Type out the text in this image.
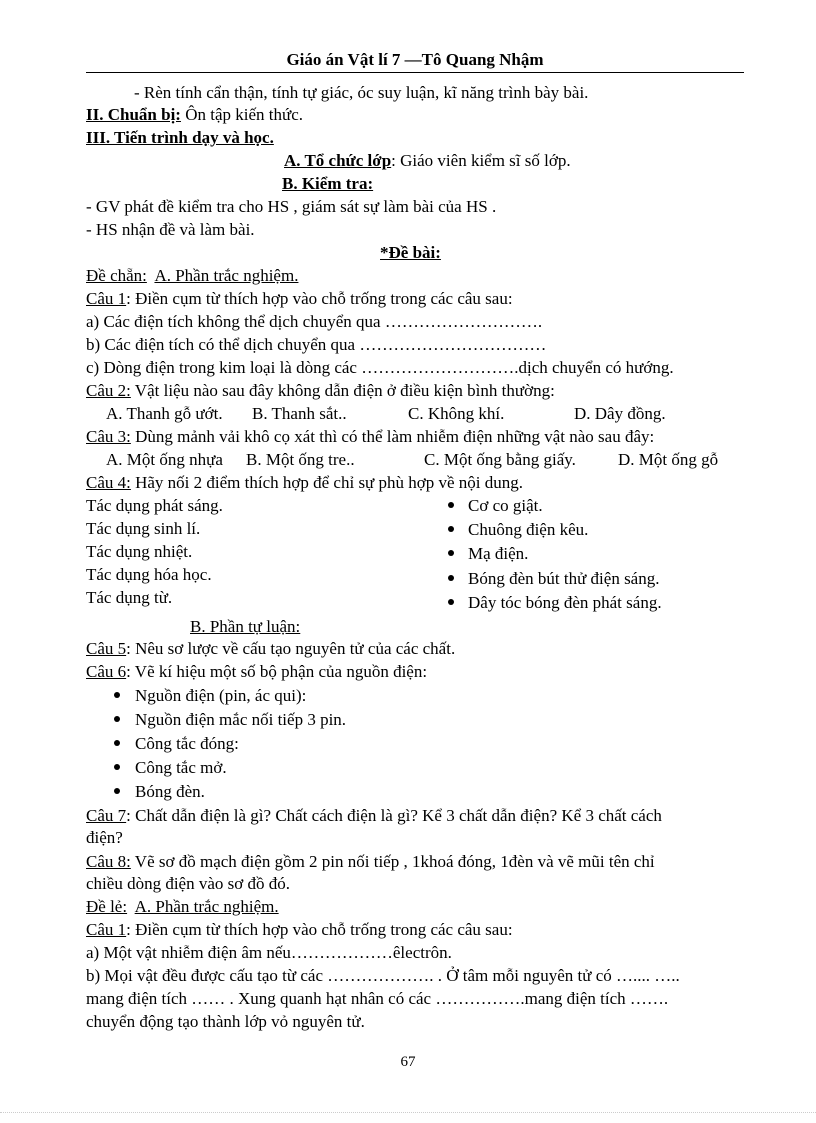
Giáo án Vật lí 7 —Tô Quang Nhậm
- Rèn tính cẩn thận, tính tự giác, óc suy luận, kĩ năng trình bày bài.
II. Chuẩn bị: Ôn tập kiến thức.
III. Tiến trình dạy và học.
A. Tổ chức lớp: Giáo viên kiểm sĩ số lớp.
B. Kiểm tra:
- GV phát đề kiểm tra cho HS , giám sát sự làm bài của HS .
- HS nhận đề và làm bài.
*Đề bài:
Đề chẵn: A. Phần trắc nghiệm.
Câu 1: Điền cụm từ thích hợp vào chỗ trống trong các câu sau:
a) Các điện tích không thể dịch chuyển qua ……………………….
b) Các điện tích có thể dịch chuyển qua ……………………………
c) Dòng điện trong kim loại là dòng các ……………………….dịch chuyển có hướng.
Câu 2: Vật liệu nào sau đây không dẫn điện ở điều kiện bình thường:
A. Thanh gỗ ướt. B. Thanh sắt..	C. Không khí.	D. Dây đồng.
Câu 3: Dùng mảnh vải khô cọ xát thì có thể làm nhiễm điện những vật nào sau đây:
A. Một ống nhựa B. Một ống tre..	C. Một ống bằng giấy. D. Một ống gỗ
Câu 4: Hãy nối 2 điểm thích hợp để chỉ sự phù hợp về nội dung.
Tác dụng phát sáng.
Tác dụng sinh lí.
Tác dụng nhiệt.
Tác dụng hóa học.
Tác dụng từ.
Cơ co giật.
Chuông điện kêu.
Mạ điện.
Bóng đèn bút thử điện sáng.
Dây tóc bóng đèn phát sáng.
B. Phần tự luận:
Câu 5: Nêu sơ lược về cấu tạo nguyên tử của các chất.
Câu 6: Vẽ kí hiệu một số bộ phận của nguồn điện:
Nguồn điện (pin, ác qui):
Nguồn điện mắc nối tiếp 3 pin.
Công tắc đóng:
Công tắc mở.
Bóng đèn.
Câu 7: Chất dẫn điện là gì? Chất cách điện là gì? Kể 3 chất dẫn điện? Kể 3 chất cách
điện?
Câu 8: Vẽ sơ đồ mạch điện gồm 2 pin nối tiếp , 1khoá đóng, 1đèn và vẽ mũi tên chỉ
chiều dòng điện vào sơ đồ đó.
Đề lẻ: A. Phần trắc nghiệm.
Câu 1: Điền cụm từ thích hợp vào chỗ trống trong các câu sau:
a) Một vật nhiễm điện âm nếu………………êlectrôn.
b) Mọi vật đều được cấu tạo từ các ………………. . Ở tâm mỗi nguyên tử có ….... …..
mang điện tích …… . Xung quanh hạt nhân có các …………….mang điện tích …….
chuyển động tạo thành lớp vỏ nguyên tử.
67
